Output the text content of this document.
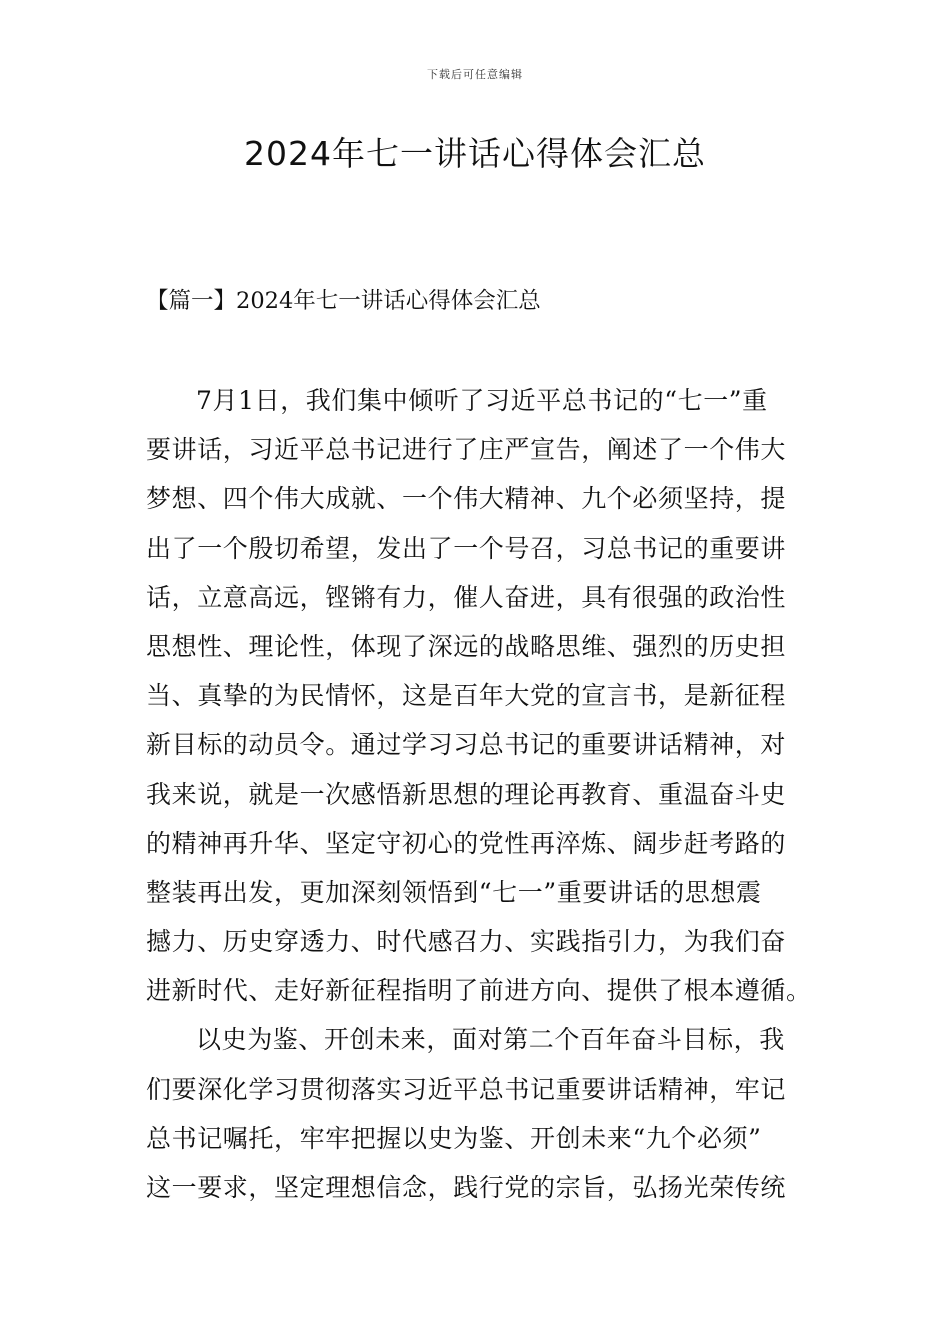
下载后可任意编辑
2024年七一讲话心得体会汇总
【篇一】2024年七一讲话心得体会汇总
7月1日，我们集中倾听了习近平总书记的“七一”重
要讲话，习近平总书记进行了庄严宣告，阐述了一个伟大
梦想、四个伟大成就、一个伟大精神、九个必须坚持，提
出了一个殷切希望，发出了一个号召，习总书记的重要讲
话，立意高远，铿锵有力，催人奋进，具有很强的政治性
思想性、理论性，体现了深远的战略思维、强烈的历史担
当、真挚的为民情怀，这是百年大党的宣言书，是新征程
新目标的动员令。通过学习习总书记的重要讲话精神，对
我来说，就是一次感悟新思想的理论再教育、重温奋斗史
的精神再升华、坚定守初心的党性再淬炼、阔步赶考路的
整装再出发，更加深刻领悟到“七一”重要讲话的思想震
撼力、历史穿透力、时代感召力、实践指引力，为我们奋
进新时代、走好新征程指明了前进方向、提供了根本遵循。
以史为鉴、开创未来，面对第二个百年奋斗目标，我
们要深化学习贯彻落实习近平总书记重要讲话精神，牢记
总书记嘱托，牢牢把握以史为鉴、开创未来“九个必须”
这一要求，坚定理想信念，践行党的宗旨，弘扬光荣传统
